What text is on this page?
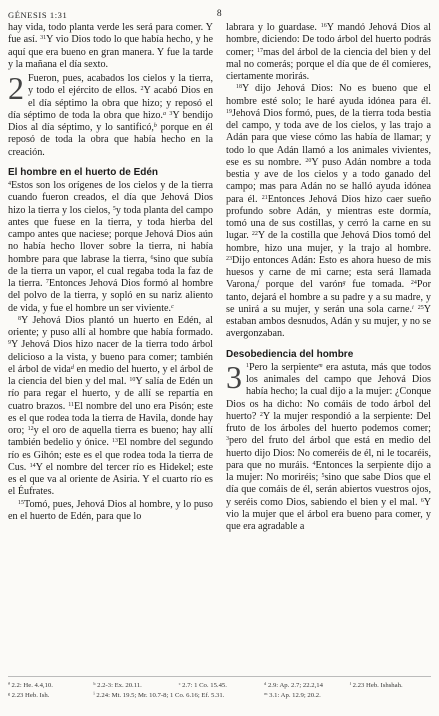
GÉNESIS 1:31	8

hay vida, todo planta verde les será para comer. Y fue así. $^{31}$Y vio Dios todo lo que había hecho, y he aquí que era bueno en gran manera. Y fue la tarde y la mañana el día sexto.

2 Fueron, pues, acabados los cielos y la tierra, y todo el ejército de ellos. $^2$Y acabó Dios en el día séptimo la obra que hizo; y reposó el día séptimo de toda la obra que hizo.$^a$ $^3$Y bendijo Dios al día séptimo, y lo santificó,$^b$ porque en él reposó de toda la obra que había hecho en la creación.

El hombre en el huerto de Edén

$^4$Estos son los orígenes de los cielos y de la tierra cuando fueron creados, el día que Jehová Dios hizo la tierra y los cielos, $^5$y toda planta del campo antes que fuese en la tierra, y toda hierba del campo antes que naciese; porque Jehová Dios aún no había hecho llover sobre la tierra, ni había hombre para que labrase la tierra, $^6$sino que subía de la tierra un vapor, el cual regaba toda la faz de la tierra. $^7$Entonces Jehová Dios formó al hombre del polvo de la tierra, y sopló en su nariz aliento de vida, y fue el hombre un ser viviente.$^c$

$^8$Y Jehová Dios plantó un huerto en Edén, al oriente; y puso allí al hombre que había formado. $^9$Y Jehová Dios hizo nacer de la tierra todo árbol delicioso a la vista, y bueno para comer; también el árbol de vida$^d$ en medio del huerto, y el árbol de la ciencia del bien y del mal. $^{10}$Y salía de Edén un río para regar el huerto, y de allí se repartía en cuatro brazos. $^{11}$El nombre del uno era Pisón; este es el que rodea toda la tierra de Havila, donde hay oro; $^{12}$y el oro de aquella tierra es bueno; hay allí también bedelio y ónice. $^{13}$El nombre del segundo río es Gihón; este es el que rodea toda la tierra de Cus. $^{14}$Y el nombre del tercer río es Hidekel; este es el que va al oriente de Asiria. Y el cuarto río es el Éufrates.

$^{15}$Tomó, pues, Jehová Dios al hombre, y lo puso en el huerto de Edén, para que lo

labrara y lo guardase. $^{16}$Y mandó Jehová Dios al hombre, diciendo: De todo árbol del huerto podrás comer; $^{17}$mas del árbol de la ciencia del bien y del mal no comerás; porque el día que de él comieres, ciertamente morirás.

$^{18}$Y dijo Jehová Dios: No es bueno que el hombre esté solo; le haré ayuda idónea para él. $^{19}$Jehová Dios formó, pues, de la tierra toda bestia del campo, y toda ave de los cielos, y las trajo a Adán para que viese cómo las había de llamar; y todo lo que Adán llamó a los animales vivientes, ese es su nombre. $^{20}$Y puso Adán nombre a toda bestia y ave de los cielos y a todo ganado del campo; mas para Adán no se halló ayuda idónea para él. $^{21}$Entonces Jehová Dios hizo caer sueño profundo sobre Adán, y mientras este dormía, tomó una de sus costillas, y cerró la carne en su lugar. $^{22}$Y de la costilla que Jehová Dios tomó del hombre, hizo una mujer, y la trajo al hombre. $^{23}$Dijo entonces Adán: Esto es ahora hueso de mis huesos y carne de mi carne; esta será llamada Varona,$^f$ porque del varón$^g$ fue tomada. $^{24}$Por tanto, dejará el hombre a su padre y a su madre, y se unirá a su mujer, y serán una sola carne.$^i$ $^{25}$Y estaban ambos desnudos, Adán y su mujer, y no se avergonzaban.

Desobediencia del hombre

3 $^1$Pero la serpiente$^m$ era astuta, más que todos los animales del campo que Jehová Dios había hecho; la cual dijo a la mujer: ¿Conque Dios os ha dicho: No comáis de todo árbol del huerto? $^2$Y la mujer respondió a la serpiente: Del fruto de los árboles del huerto podemos comer; $^3$pero del fruto del árbol que está en medio del huerto dijo Dios: No comeréis de él, ni le tocaréis, para que no muráis. $^4$Entonces la serpiente dijo a la mujer: No moriréis; $^5$sino que sabe Dios que el día que comáis de él, serán abiertos vuestros ojos, y seréis como Dios, sabiendo el bien y el mal. $^6$Y vio la mujer que el árbol era bueno para comer, y que era agradable a

ª 2.2: He. 4.4,10.	ᵇ 2.2-3: Ex. 20.11.	ᶜ 2.7: 1 Co. 15.45.	ᵈ 2.9: Ap. 2.7; 22.2,14	ᶠ 2.23 Heb. Ishshah.
ᵍ 2.23 Heb. Ish.	ⁱ 2.24: Mt. 19.5; Mr. 10.7-8; 1 Co. 6.16; Ef. 5.31.	ᵐ 3.1: Ap. 12.9; 20.2.
